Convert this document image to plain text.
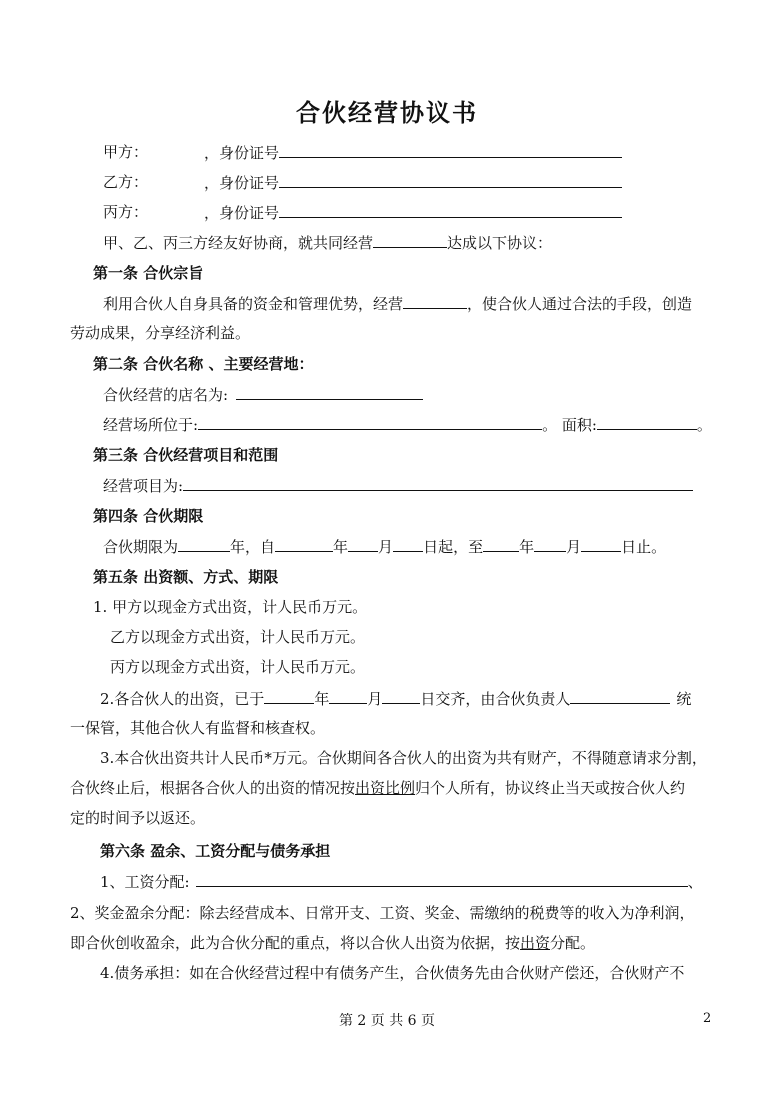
合伙经营协议书
甲方：	，身份证号
乙方：	，身份证号
丙方：	，身份证号
甲、乙、丙三方经友好协商，就共同经营	达成以下协议：
第一条 合伙宗旨
利用合伙人自身具备的资金和管理优势，经营	，使合伙人通过合法的手段，创造
劳动成果，分享经济利益。
第二条 合伙名称 、主要经营地：
合伙经营的店名为:
经营场所位于:	。 面积:	。
第三条 合伙经营项目和范围
经营项目为:
第四条 合伙期限
合伙期限为	年，自	年 月 日起，至 年 月	日止。
第五条 出资额、方式、期限
1. 甲方以现金方式出资，计人民币万元。
乙方以现金方式出资，计人民币万元。
丙方以现金方式出资，计人民币万元。
2.各合伙人的出资，已于	年	月	日交齐，由合伙负责人	统
一保管，其他合伙人有监督和核查权。
3.本合伙出资共计人民币*万元。合伙期间各合伙人的出资为共有财产，不得随意请求分割，
合伙终止后，根据各合伙人的出资的情况按出资比例归个人所有，协议终止当天或按合伙人约
定的时间予以返还。
第六条 盈余、工资分配与债务承担
1、工资分配:	、
2、奖金盈余分配：除去经营成本、日常开支、工资、奖金、需缴纳的税费等的收入为净利润，
即合伙创收盈余，此为合伙分配的重点，将以合伙人出资为依据，按出资分配。
4.债务承担：如在合伙经营过程中有债务产生，合伙债务先由合伙财产偿还，合伙财产不
第 2 页 共 6 页	2
